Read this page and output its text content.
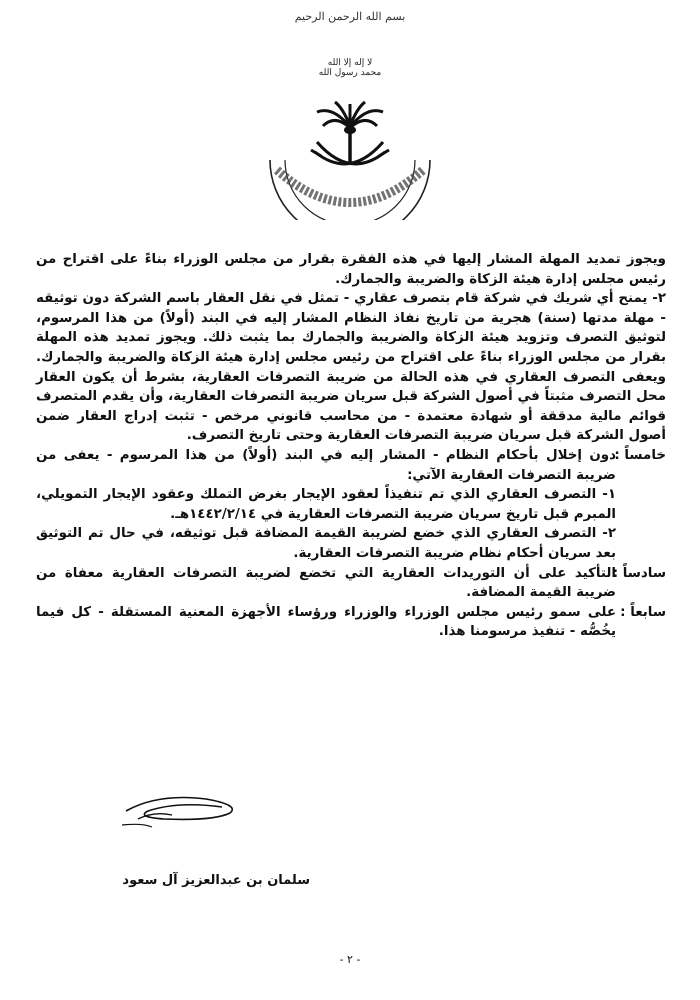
بسم الله الرحمن الرحيم
لا إله إلا الله محمد رسول الله

ويجوز تمديد المهلة المشار إليها في هذه الفقرة بقرار من مجلس الوزراء بناءً على اقتراح من رئيس مجلس إدارة هيئة الزكاة والضريبة والجمارك.

٢- يمنح أي شريك في شركة قام بتصرف عقاري - تمثل في نقل العقار باسم الشركة دون توثيقه - مهلة مدتها (سنة) هجرية من تاريخ نفاذ النظام المشار إليه في البند (أولاً) من هذا المرسوم، لتوثيق التصرف وتزويد هيئة الزكاة والضريبة والجمارك بما يثبت ذلك. ويجوز تمديد هذه المهلة بقرار من مجلس الوزراء بناءً على اقتراح من رئيس مجلس إدارة هيئة الزكاة والضريبة والجمارك. ويعفى التصرف العقاري في هذه الحالة من ضريبة التصرفات العقارية، بشرط أن يكون العقار محل التصرف مثبتاً في أصول الشركة قبل سريان ضريبة التصرفات العقارية، وأن يقدم المتصرف قوائم مالية مدققة أو شهادة معتمدة - من محاسب قانوني مرخص - تثبت إدراج العقار ضمن أصول الشركة قبل سريان ضريبة التصرفات العقارية وحتى تاريخ التصرف.

خامساً :

دون إخلال بأحكام النظام - المشار إليه في البند (أولاً) من هذا المرسوم - يعفى من ضريبة التصرفات العقارية الآتي:

١- التصرف العقاري الذي تم تنفيذاً لعقود الإيجار بغرض التملك وعقود الإيجار التمويلي، المبرم قبل تاريخ سريان ضريبة التصرفات العقارية في ١٤٤٢/٢/١٤هـ.

٢- التصرف العقاري الذي خضع لضريبة القيمة المضافة قبل توثيقه، في حال تم التوثيق بعد سريان أحكام نظام ضريبة التصرفات العقارية.

سادساً :

التأكيد على أن التوريدات العقارية التي تخضع لضريبة التصرفات العقارية معفاة من ضريبة القيمة المضافة.

سابعاً :

على سمو رئيس مجلس الوزراء والوزراء ورؤساء الأجهزة المعنية المستقلة - كل فيما يخُصُّه - تنفيذ مرسومنا هذا.

سلمان بن عبدالعزيز آل سعود
- ٢ -
